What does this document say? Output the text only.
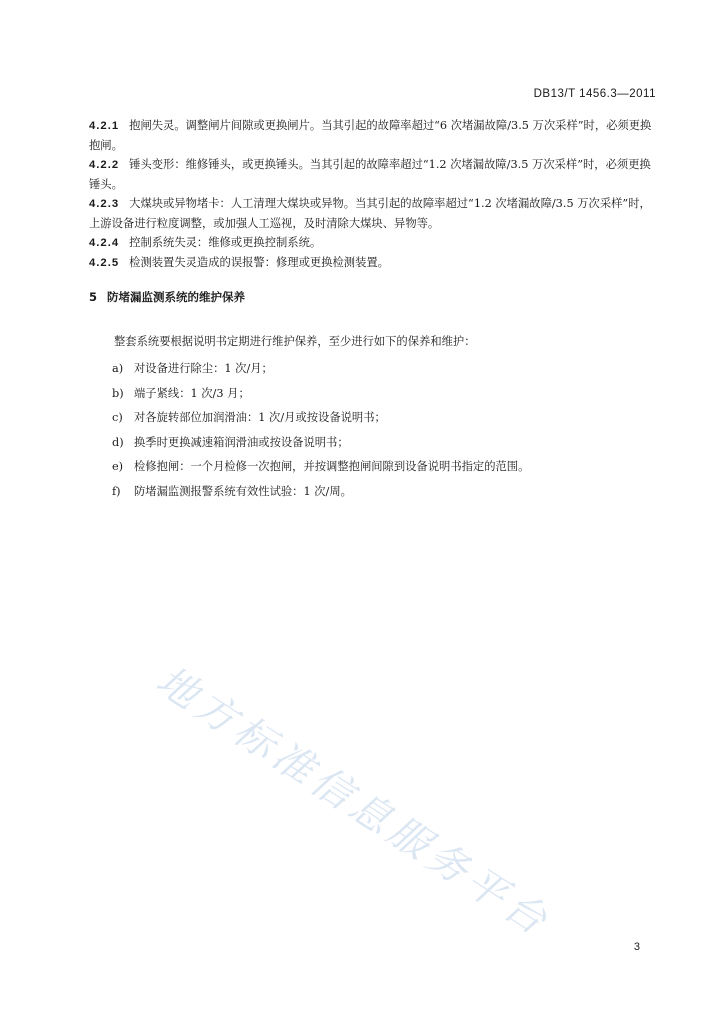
DB13/T 1456.3—2011

4.2.1 抱闸失灵。调整闸片间隙或更换闸片。当其引起的故障率超过“6 次堵漏故障/3.5 万次采样”时，必须更换抱闸。

4.2.2 锤头变形：维修锤头，或更换锤头。当其引起的故障率超过“1.2 次堵漏故障/3.5 万次采样”时，必须更换锤头。

4.2.3 大煤块或异物堵卡：人工清理大煤块或异物。当其引起的故障率超过“1.2 次堵漏故障/3.5 万次采样”时，上游设备进行粒度调整，或加强人工巡视，及时清除大煤块、异物等。

4.2.4 控制系统失灵：维修或更换控制系统。

4.2.5 检测装置失灵造成的误报警：修理或更换检测装置。

5 防堵漏监测系统的维护保养
整套系统要根据说明书定期进行维护保养，至少进行如下的保养和维护：
a) 对设备进行除尘：1 次/月；
b) 端子紧线：1 次/3 月；
c) 对各旋转部位加润滑油：1 次/月或按设备说明书；
d) 换季时更换减速箱润滑油或按设备说明书；
e) 检修抱闸：一个月检修一次抱闸，并按调整抱闸间隙到设备说明书指定的范围。
f) 防堵漏监测报警系统有效性试验：1 次/周。
地方标准信息服务平台
3
